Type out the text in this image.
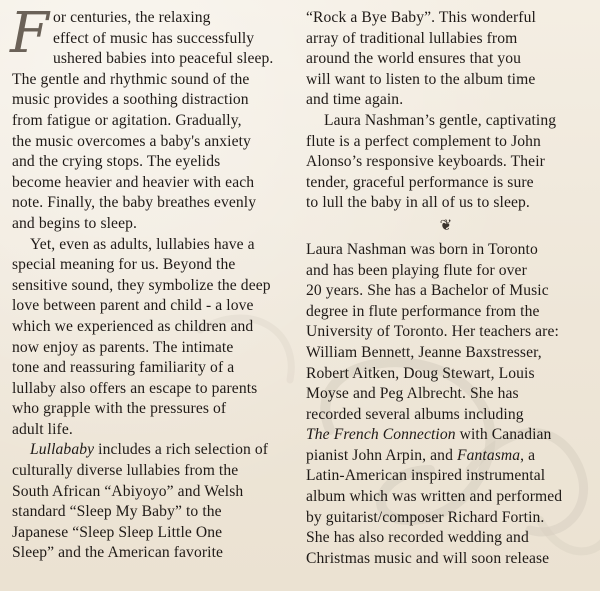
F or centuries, the relaxing
effect of music has successfully
ushered babies into peaceful sleep.
The gentle and rhythmic sound of the
music provides a soothing distraction
from fatigue or agitation. Gradually,
the music overcomes a baby's anxiety
and the crying stops. The eyelids
become heavier and heavier with each
note. Finally, the baby breathes evenly
and begins to sleep.
Yet, even as adults, lullabies have a
special meaning for us. Beyond the
sensitive sound, they symbolize the deep
love between parent and child - a love
which we experienced as children and
now enjoy as parents. The intimate
tone and reassuring familiarity of a
lullaby also offers an escape to parents
who grapple with the pressures of
adult life.
Lullababy includes a rich selection of
culturally diverse lullabies from the
South African “Abiyoyo” and Welsh
standard “Sleep My Baby” to the
Japanese “Sleep Sleep Little One
Sleep” and the American favorite
“Rock a Bye Baby”. This wonderful
array of traditional lullabies from
around the world ensures that you
will want to listen to the album time
and time again.
Laura Nashman’s gentle, captivating
flute is a perfect complement to John
Alonso’s responsive keyboards. Their
tender, graceful performance is sure
to lull the baby in all of us to sleep.
❦
Laura Nashman was born in Toronto
and has been playing flute for over
20 years. She has a Bachelor of Music
degree in flute performance from the
University of Toronto. Her teachers are:
William Bennett, Jeanne Baxstresser,
Robert Aitken, Doug Stewart, Louis
Moyse and Peg Albrecht. She has
recorded several albums including
The French Connection with Canadian
pianist John Arpin, and Fantasma, a
Latin-American inspired instrumental
album which was written and performed
by guitarist/composer Richard Fortin.
She has also recorded wedding and
Christmas music and will soon release
